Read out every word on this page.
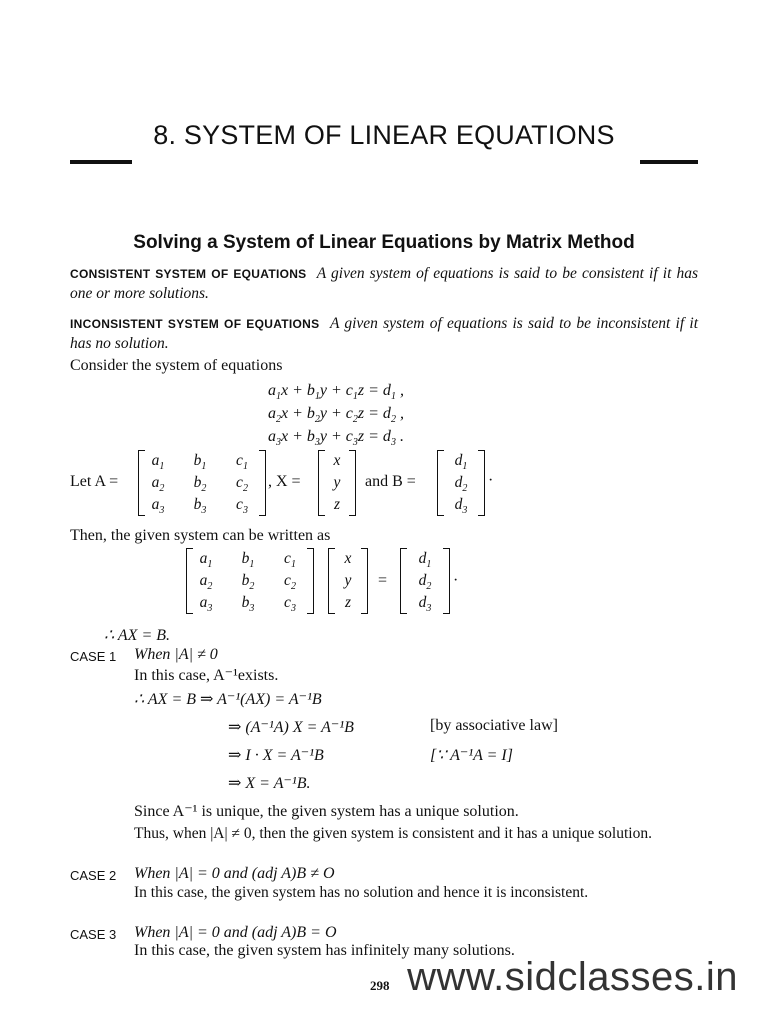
8. SYSTEM OF LINEAR EQUATIONS
Solving a System of Linear Equations by Matrix Method
CONSISTENT SYSTEM OF EQUATIONS A given system of equations is said to be consistent if it has one or more solutions.
INCONSISTENT SYSTEM OF EQUATIONS A given system of equations is said to be inconsistent if it has no solution.
Consider the system of equations
$a_1x + b_1y + c_1z = d_1$ ,
$a_2x + b_2y + c_2z = d_2$ ,
$a_3x + b_3y + c_3z = d_3$ .
Let A =
$a_1$	$b_1$	$c_1$
$a_2$	$b_2$	$c_2$
$a_3$	$b_3$	$c_3$
, X =
x
y
z
and B =
$d_1$
$d_2$
$d_3$
·
Then, the given system can be written as
$a_1$	$b_1$	$c_1$
$a_2$	$b_2$	$c_2$
$a_3$	$b_3$	$c_3$
x
y
z
=
$d_1$
$d_2$
$d_3$
·
∴ AX = B.
CASE 1 When |A| ≠ 0
In this case, A⁻¹exists.
∴ AX = B ⇒ A⁻¹(AX) = A⁻¹B
⇒ (A⁻¹A) X = A⁻¹B	[by associative law]
⇒ I · X = A⁻¹B	[∵ A⁻¹A = I]
⇒ X = A⁻¹B.
Since A⁻¹ is unique, the given system has a unique solution.
Thus, when |A| ≠ 0, then the given system is consistent and it has a unique solution.
CASE 2 When |A| = 0 and (adj A)B ≠ O
In this case, the given system has no solution and hence it is inconsistent.
CASE 3 When |A| = 0 and (adj A)B = O
In this case, the given system has infinitely many solutions.
298 www.sidclasses.in
